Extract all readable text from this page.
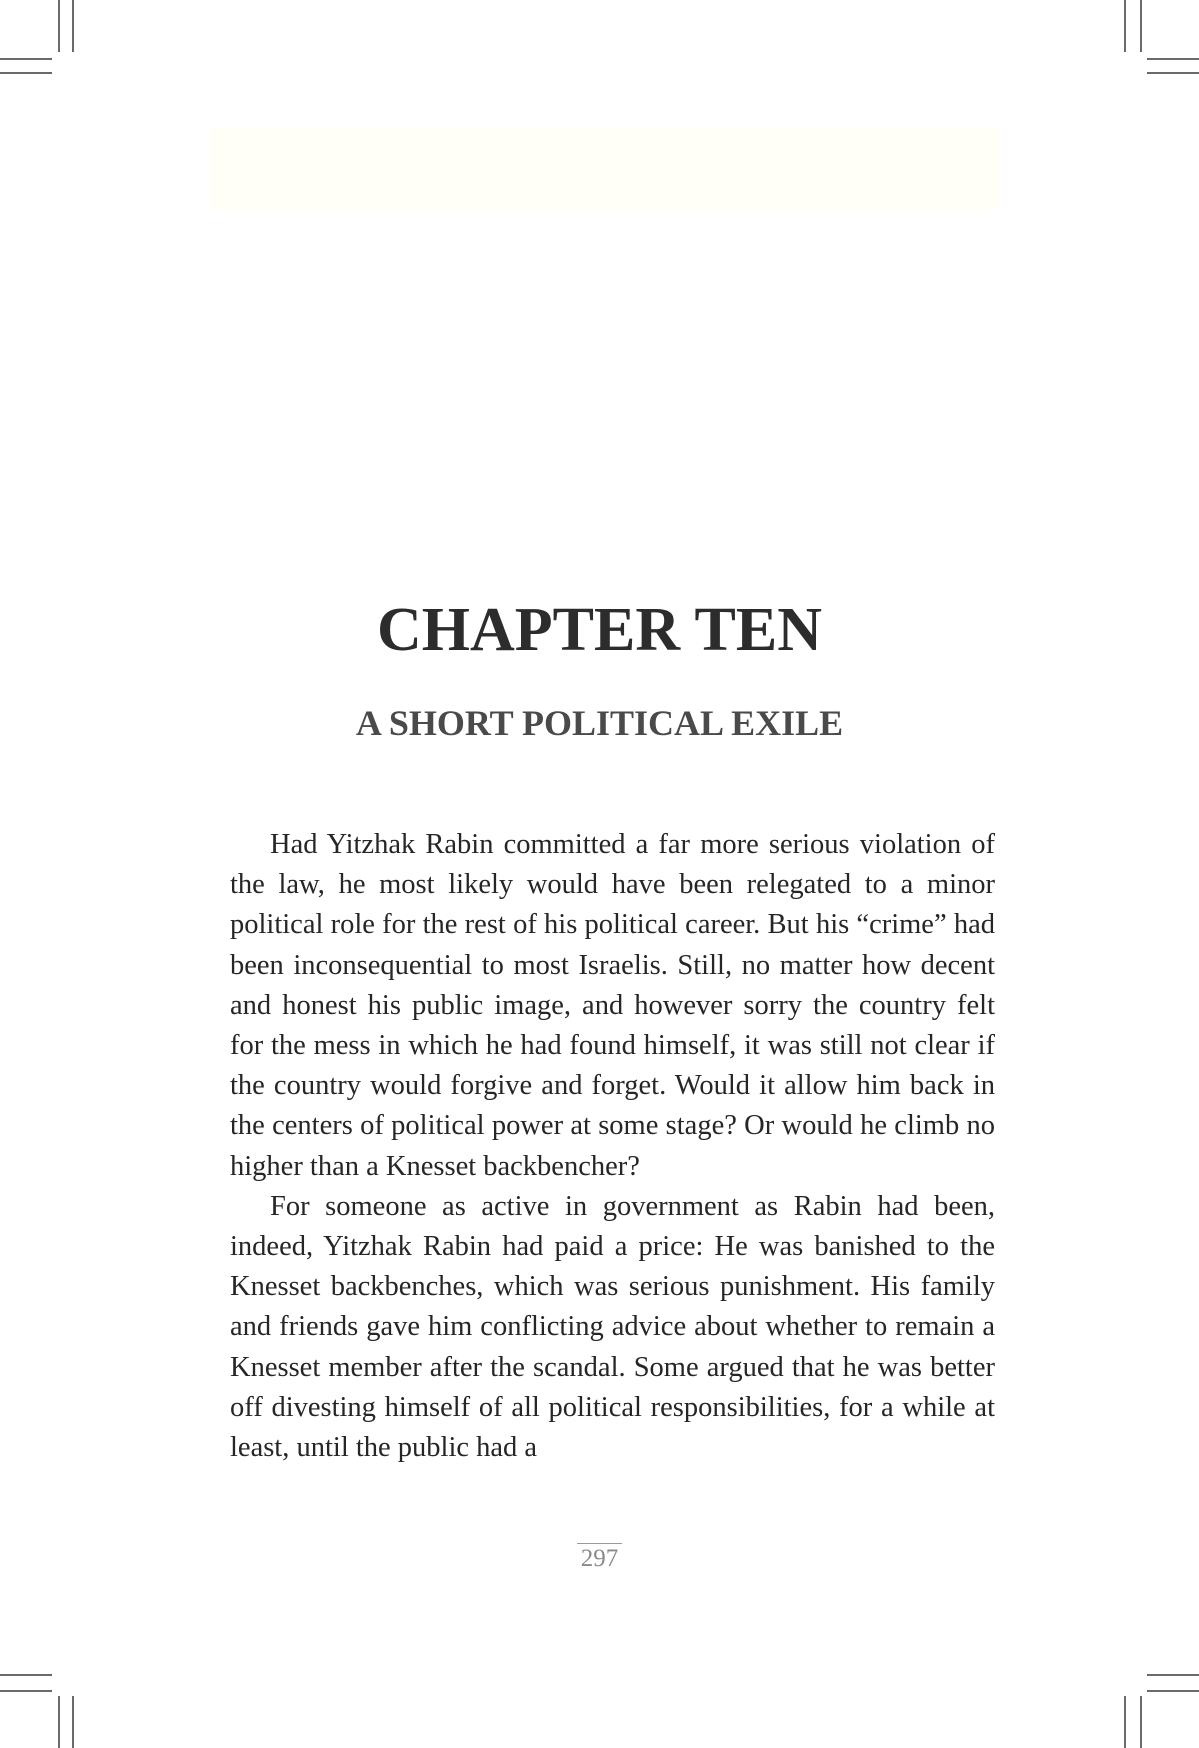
CHAPTER TEN
A SHORT POLITICAL EXILE

Had Yitzhak Rabin committed a far more serious violation of the law, he most likely would have been relegated to a minor political role for the rest of his political career. But his “crime” had been inconsequential to most Israelis. Still, no matter how decent and honest his public image, and however sorry the country felt for the mess in which he had found himself, it was still not clear if the country would forgive and forget. Would it allow him back in the centers of political power at some stage? Or would he climb no higher than a Knesset backbencher?

For someone as active in government as Rabin had been, indeed, Yitzhak Rabin had paid a price: He was banished to the Knesset backbenches, which was serious punishment. His family and friends gave him conflicting advice about whether to remain a Knesset member after the scandal. Some argued that he was better off divesting himself of all political responsibilities, for a while at least, until the public had a

297
